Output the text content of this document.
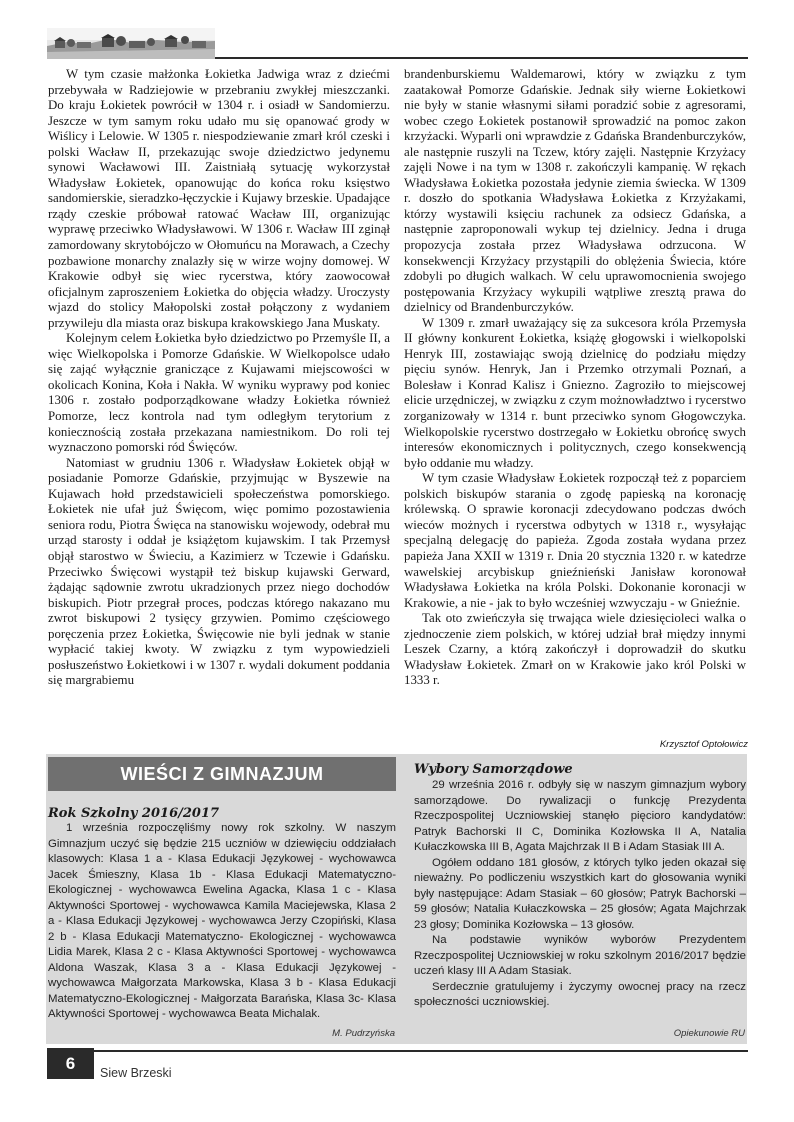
W tym czasie małżonka Łokietka Jadwiga wraz z dziećmi przebywała w Radziejowie w przebraniu zwykłej mieszczanki. Do kraju Łokietek powrócił w 1304 r. i osiadł w Sandomierzu. Jeszcze w tym samym roku udało mu się opanować grody w Wiślicy i Lelowie. W 1305 r. niespodziewanie zmarł król czeski i polski Wacław II, przekazując swoje dziedzictwo jedynemu synowi Wacławowi III. Zaistniałą sytuację wykorzystał Władysław Łokietek, opanowując do końca roku księstwo sandomierskie, sieradzko-łęczyckie i Kujawy brzeskie. Upadające rządy czeskie próbował ratować Wacław III, organizując wyprawę przeciwko Władysławowi. W 1306 r. Wacław III zginął zamordowany skrytobójczo w Ołomuńcu na Morawach, a Czechy pozbawione monarchy znalazły się w wirze wojny domowej. W Krakowie odbył się wiec rycerstwa, który zaowocował oficjalnym zaproszeniem Łokietka do objęcia władzy. Uroczysty wjazd do stolicy Małopolski został połączony z wydaniem przywileju dla miasta oraz biskupa krakowskiego Jana Muskaty.

Kolejnym celem Łokietka było dziedzictwo po Przemyśle II, a więc Wielkopolska i Pomorze Gdańskie. W Wielkopolsce udało się zająć wyłącznie graniczące z Kujawami miejscowości w okolicach Konina, Koła i Nakła. W wyniku wyprawy pod koniec 1306 r. zostało podporządkowane władzy Łokietka również Pomorze, lecz kontrola nad tym odległym terytorium z koniecznością została przekazana namiestnikom. Do roli tej wyznaczono pomorski ród Święców.

Natomiast w grudniu 1306 r. Władysław Łokietek objął w posiadanie Pomorze Gdańskie, przyjmując w Byszewie na Kujawach hołd przedstawicieli społeczeństwa pomorskiego. Łokietek nie ufał już Święcom, więc pomimo pozostawienia seniora rodu, Piotra Święca na stanowisku wojewody, odebrał mu urząd starosty i oddał je książętom kujawskim. I tak Przemysł objął starostwo w Świeciu, a Kazimierz w Tczewie i Gdańsku. Przeciwko Święcowi wystąpił też biskup kujawski Gerward, żądając sądownie zwrotu ukradzionych przez niego dochodów biskupich. Piotr przegrał proces, podczas którego nakazano mu zwrot biskupowi 2 tysięcy grzywien. Pomimo częściowego poręczenia przez Łokietka, Święcowie nie byli jednak w stanie wypłacić takiej kwoty. W związku z tym wypowiedzieli posłuszeństwo Łokietkowi i w 1307 r. wydali dokument poddania się margrabiemu

brandenburskiemu Waldemarowi, który w związku z tym zaatakował Pomorze Gdańskie. Jednak siły wierne Łokietkowi nie były w stanie własnymi siłami poradzić sobie z agresorami, wobec czego Łokietek postanowił sprowadzić na pomoc zakon krzyżacki. Wyparli oni wprawdzie z Gdańska Brandenburczyków, ale następnie ruszyli na Tczew, który zajęli. Następnie Krzyżacy zajęli Nowe i na tym w 1308 r. zakończyli kampanię. W rękach Władysława Łokietka pozostała jedynie ziemia świecka. W 1309 r. doszło do spotkania Władysława Łokietka z Krzyżakami, którzy wystawili księciu rachunek za odsiecz Gdańska, a następnie zaproponowali wykup tej dzielnicy. Jedna i druga propozycja została przez Władysława odrzucona. W konsekwencji Krzyżacy przystąpili do oblężenia Świecia, które zdobyli po długich walkach. W celu uprawomocnienia swojego postępowania Krzyżacy wykupili wątpliwe zresztą prawa do dzielnicy od Brandenburczyków.

W 1309 r. zmarł uważający się za sukcesora króla Przemysła II główny konkurent Łokietka, książę głogowski i wielkopolski Henryk III, zostawiając swoją dzielnicę do podziału między pięciu synów. Henryk, Jan i Przemko otrzymali Poznań, a Bolesław i Konrad Kalisz i Gniezno. Zagroziło to miejscowej elicie urzędniczej, w związku z czym możnowładztwo i rycerstwo zorganizowały w 1314 r. bunt przeciwko synom Głogowczyka. Wielkopolskie rycerstwo dostrzegało w Łokietku obrońcę swych interesów ekonomicznych i politycznych, czego konsekwencją było oddanie mu władzy.

W tym czasie Władysław Łokietek rozpoczął też z poparciem polskich biskupów starania o zgodę papieską na koronację królewską. O sprawie koronacji zdecydowano podczas dwóch wieców możnych i rycerstwa odbytych w 1318 r., wysyłając specjalną delegację do papieża. Zgoda została wydana przez papieża Jana XXII w 1319 r. Dnia 20 stycznia 1320 r. w katedrze wawelskiej arcybiskup gnieźnieński Janisław koronował Władysława Łokietka na króla Polski. Dokonanie koronacji w Krakowie, a nie - jak to było wcześniej wzwyczaju - w Gnieźnie.

Tak oto zwieńczyła się trwająca wiele dziesięcioleci walka o zjednoczenie ziem polskich, w której udział brał między innymi Leszek Czarny, a którą zakończył i doprowadził do skutku Władysław Łokietek. Zmarł on w Krakowie jako król Polski w 1333 r.

Krzysztof Optołowicz
WIEŚCI Z GIMNAZJUM
Rok Szkolny 2016/2017

1 września rozpoczęliśmy nowy rok szkolny. W naszym Gimnazjum uczyć się będzie 215 uczniów w dziewięciu oddziałach klasowych: Klasa 1 a - Klasa Edukacji Językowej - wychowawca Jacek Śmieszny, Klasa 1b - Klasa Edukacji Matematyczno-Ekologicznej - wychowawca Ewelina Agacka, Klasa 1 c - Klasa Aktywności Sportowej - wychowawca Kamila Maciejewska, Klasa 2 a - Klasa Edukacji Językowej - wychowawca Jerzy Czopiński, Klasa 2 b - Klasa Edukacji Matematyczno- Ekologicznej - wychowawca Lidia Marek, Klasa 2 c - Klasa Aktywności Sportowej - wychowawca Aldona Waszak, Klasa 3 a - Klasa Edukacji Językowej - wychowawca Małgorzata Markowska, Klasa 3 b - Klasa Edukacji Matematyczno-Ekologicznej - Małgorzata Barańska, Klasa 3c- Klasa Aktywności Sportowej - wychowawca Beata Michalak.

M. Pudrzyńska
Wybory Samorządowe

29 września 2016 r. odbyły się w naszym gimnazjum wybory samorządowe. Do rywalizacji o funkcję Prezydenta Rzeczpospolitej Uczniowskiej stanęło pięcioro kandydatów: Patryk Bachorski II C, Dominika Kozłowska II A, Natalia Kułaczkowska III B, Agata Majchrzak II B i Adam Stasiak III A.

Ogółem oddano 181 głosów, z których tylko jeden okazał się nieważny. Po podliczeniu wszystkich kart do głosowania wyniki były następujące: Adam Stasiak – 60 głosów; Patryk Bachorski – 59 głosów; Natalia Kułaczkowska – 25 głosów; Agata Majchrzak 23 głosy; Dominika Kozłowska – 13 głosów.

Na podstawie wyników wyborów Prezydentem Rzeczpospolitej Uczniowskiej w roku szkolnym 2016/2017 będzie uczeń klasy III A Adam Stasiak.

Serdecznie gratulujemy i życzymy owocnej pracy na rzecz społeczności uczniowskiej.

Opiekunowie RU
6
Siew Brzeski
